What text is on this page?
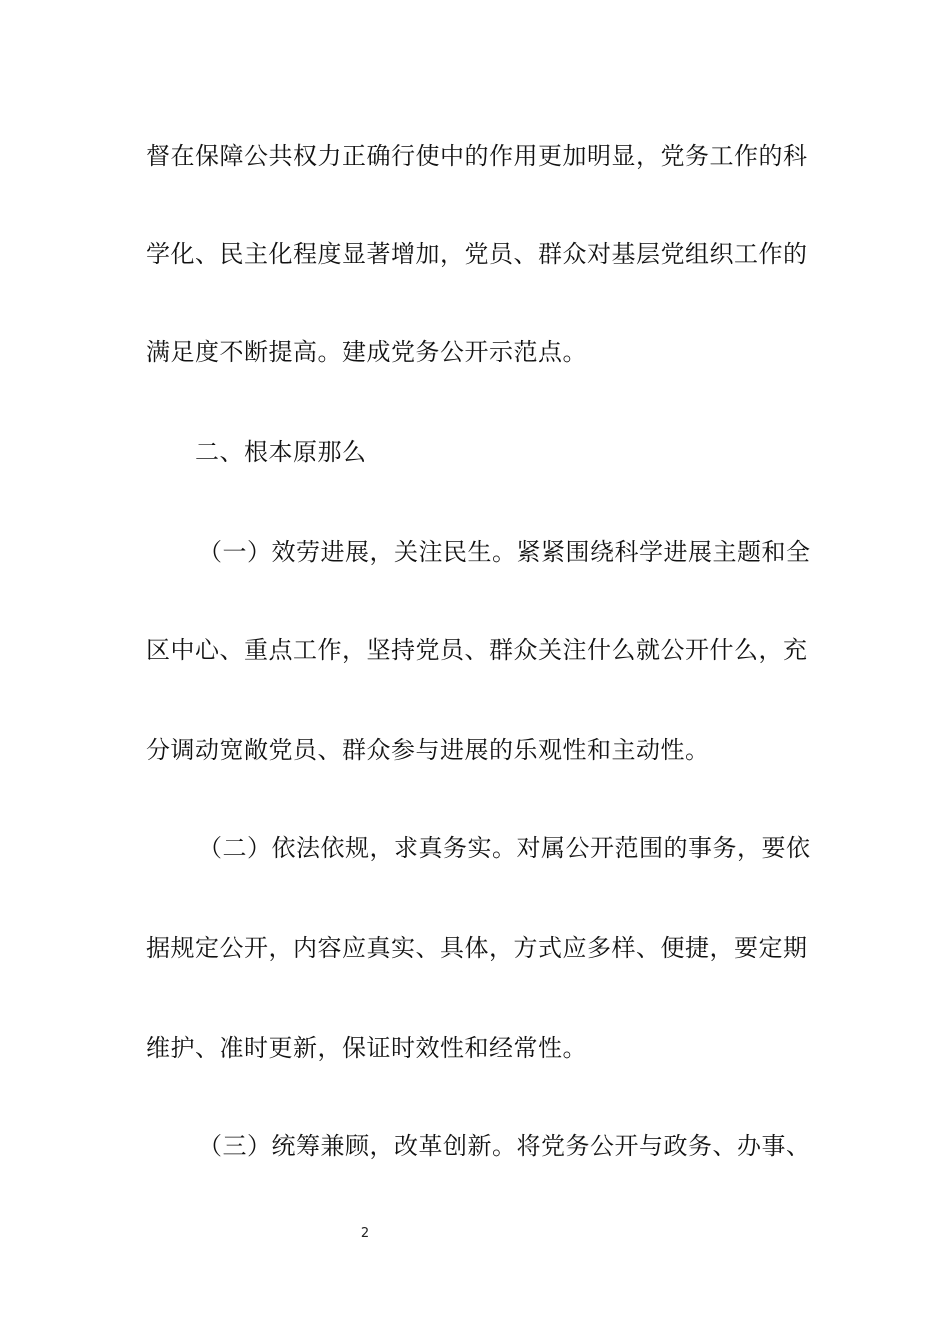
督在保障公共权力正确行使中的作用更加明显，党务工作的科
学化、民主化程度显著增加，党员、群众对基层党组织工作的
满足度不断提高。建成党务公开示范点。
二、根本原那么
（一）效劳进展，关注民生。紧紧围绕科学进展主题和全
区中心、重点工作，坚持党员、群众关注什么就公开什么，充
分调动宽敞党员、群众参与进展的乐观性和主动性。
（二）依法依规，求真务实。对属公开范围的事务，要依
据规定公开，内容应真实、具体，方式应多样、便捷，要定期
维护、准时更新，保证时效性和经常性。
（三）统筹兼顾，改革创新。将党务公开与政务、办事、
2
